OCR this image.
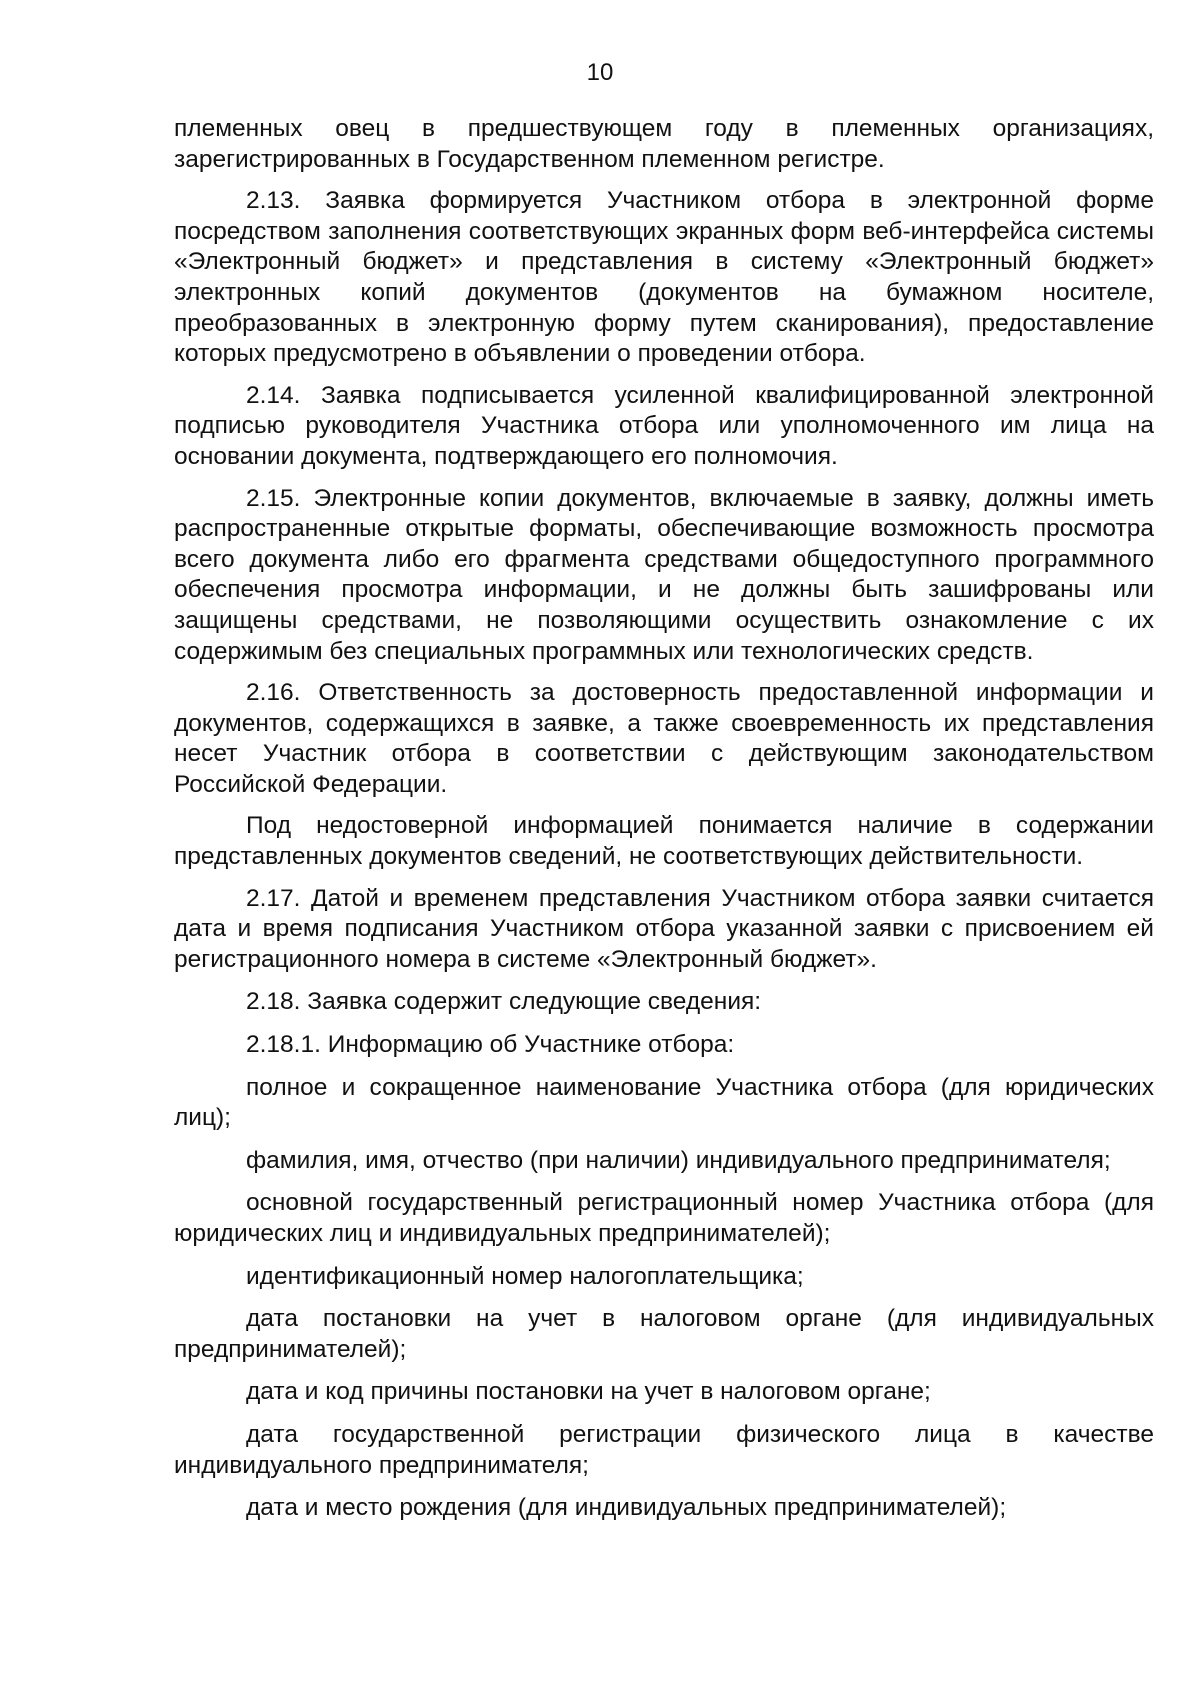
10

племенных овец в предшествующем году в племенных организациях, зарегистрированных в Государственном племенном регистре.

2.13. Заявка формируется Участником отбора в электронной форме посредством заполнения соответствующих экранных форм веб-интерфейса системы «Электронный бюджет» и представления в систему «Электронный бюджет» электронных копий документов (документов на бумажном носителе, преобразованных в электронную форму путем сканирования), предоставление которых предусмотрено в объявлении о проведении отбора.

2.14. Заявка подписывается усиленной квалифицированной электронной подписью руководителя Участника отбора или уполномоченного им лица на основании документа, подтверждающего его полномочия.

2.15. Электронные копии документов, включаемые в заявку, должны иметь распространенные открытые форматы, обеспечивающие возможность просмотра всего документа либо его фрагмента средствами общедоступного программного обеспечения просмотра информации, и не должны быть зашифрованы или защищены средствами, не позволяющими осуществить ознакомление с их содержимым без специальных программных или технологических средств.

2.16. Ответственность за достоверность предоставленной информации и документов, содержащихся в заявке, а также своевременность их представления несет Участник отбора в соответствии с действующим законодательством Российской Федерации.

Под недостоверной информацией понимается наличие в содержании представленных документов сведений, не соответствующих действительности.

2.17. Датой и временем представления Участником отбора заявки считается дата и время подписания Участником отбора указанной заявки с присвоением ей регистрационного номера в системе «Электронный бюджет».

2.18. Заявка содержит следующие сведения:

2.18.1. Информацию об Участнике отбора:

полное и сокращенное наименование Участника отбора (для юридических лиц);

фамилия, имя, отчество (при наличии) индивидуального предпринимателя;

основной государственный регистрационный номер Участника отбора (для юридических лиц и индивидуальных предпринимателей);

идентификационный номер налогоплательщика;

дата постановки на учет в налоговом органе (для индивидуальных предпринимателей);

дата и код причины постановки на учет в налоговом органе;

дата государственной регистрации физического лица в качестве индивидуального предпринимателя;

дата и место рождения (для индивидуальных предпринимателей);
